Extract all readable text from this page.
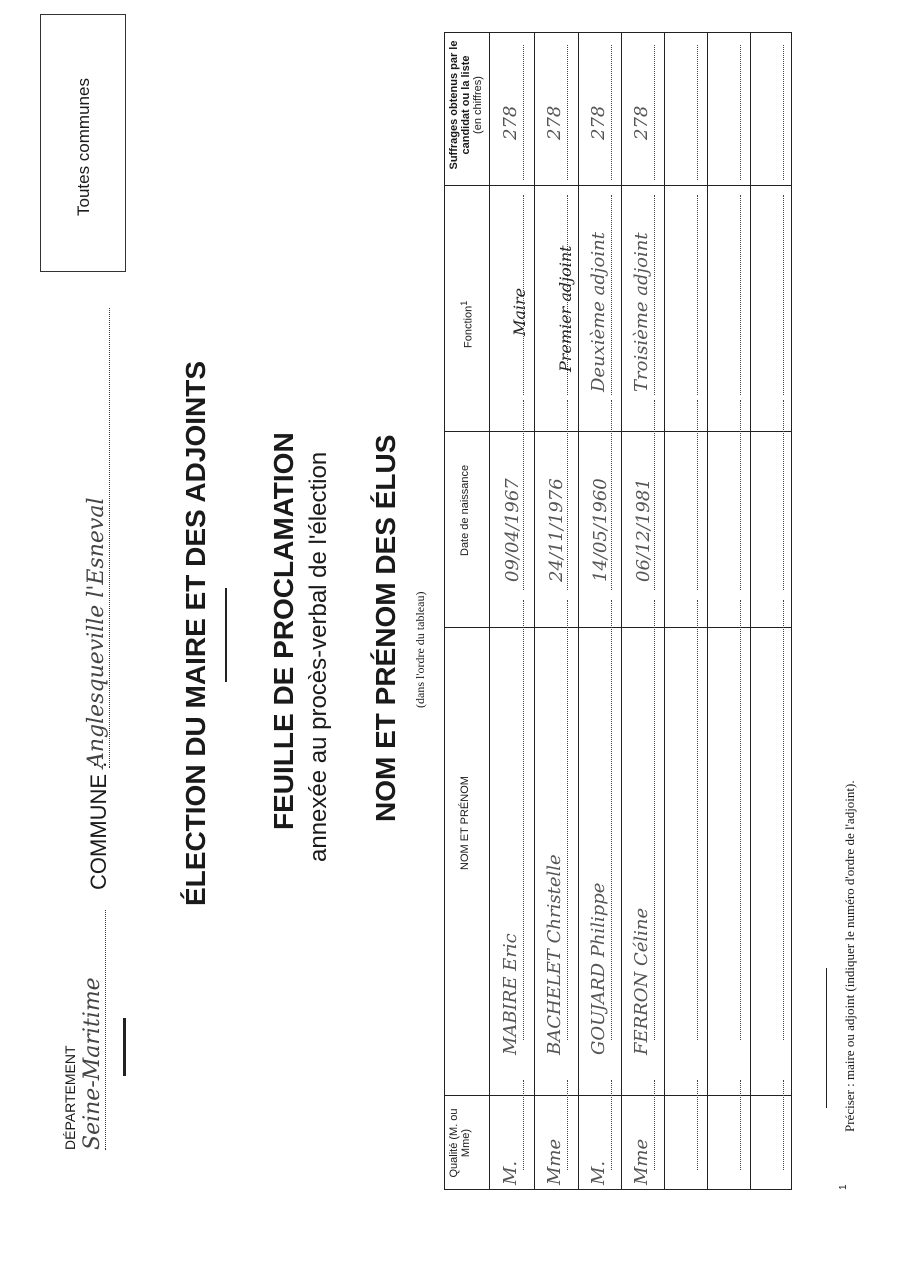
Toutes communes
DÉPARTEMENT Seine-Maritime
COMMUNE :
Anglesqueville l'Esneval	ÉLECTION DU MAIRE ET DES ADJOINTS FEUILLE DE PROCLAMATION annexée au procès-verbal de l'élection NOM ET PRÉNOM DES ÉLUS (dans l'ordre du tableau)
Qualité (M. ou Mme)
NOM ET PRÉNOM
Date de naissance
Fonction$^1$
Suffrages obtenus par le candidat ou la liste (en chiffres)
M.
MABIRE Eric
09/04/1967
Maire
278
Mme
BACHELET Christelle
24/11/1976
Premier adjoint
278
M.
GOUJARD Philippe
14/05/1960
Deuxième adjoint
278
Mme
FERRON Céline
06/12/1981
Troisième adjoint
278
1
Préciser : maire ou adjoint (indiquer le numéro d'ordre de l'adjoint).
